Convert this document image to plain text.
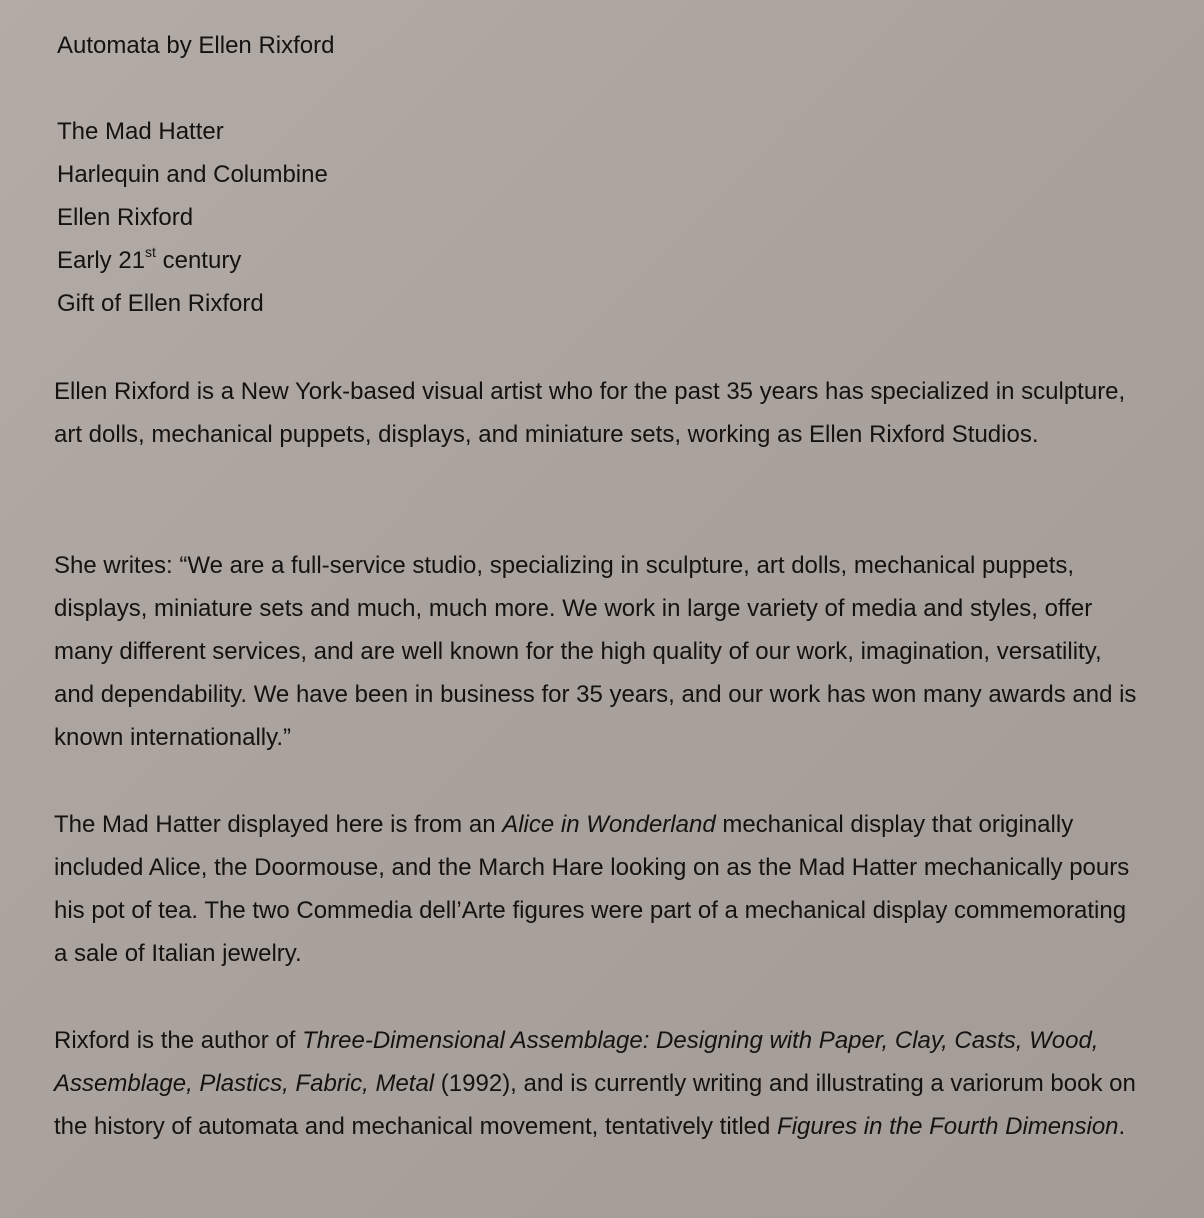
Automata by Ellen Rixford
The Mad Hatter
Harlequin and Columbine
Ellen Rixford
Early 21st century
Gift of Ellen Rixford

Ellen Rixford is a New York-based visual artist who for the past 35 years has specialized in sculpture, art dolls, mechanical puppets, displays, and miniature sets, working as Ellen Rixford Studios.

She writes: “We are a full-service studio, specializing in sculpture, art dolls, mechanical puppets, displays, miniature sets and much, much more. We work in large variety of media and styles, offer many different services, and are well known for the high quality of our work, imagination, versatility, and dependability. We have been in business for 35 years, and our work has won many awards and is known internationally.”

The Mad Hatter displayed here is from an Alice in Wonderland mechanical display that originally included Alice, the Doormouse, and the March Hare looking on as the Mad Hatter mechanically pours his pot of tea. The two Commedia dell’Arte figures were part of a mechanical display commemorating a sale of Italian jewelry.

Rixford is the author of Three-Dimensional Assemblage: Designing with Paper, Clay, Casts, Wood, Assemblage, Plastics, Fabric, Metal (1992), and is currently writing and illustrating a variorum book on the history of automata and mechanical movement, tentatively titled Figures in the Fourth Dimension.
